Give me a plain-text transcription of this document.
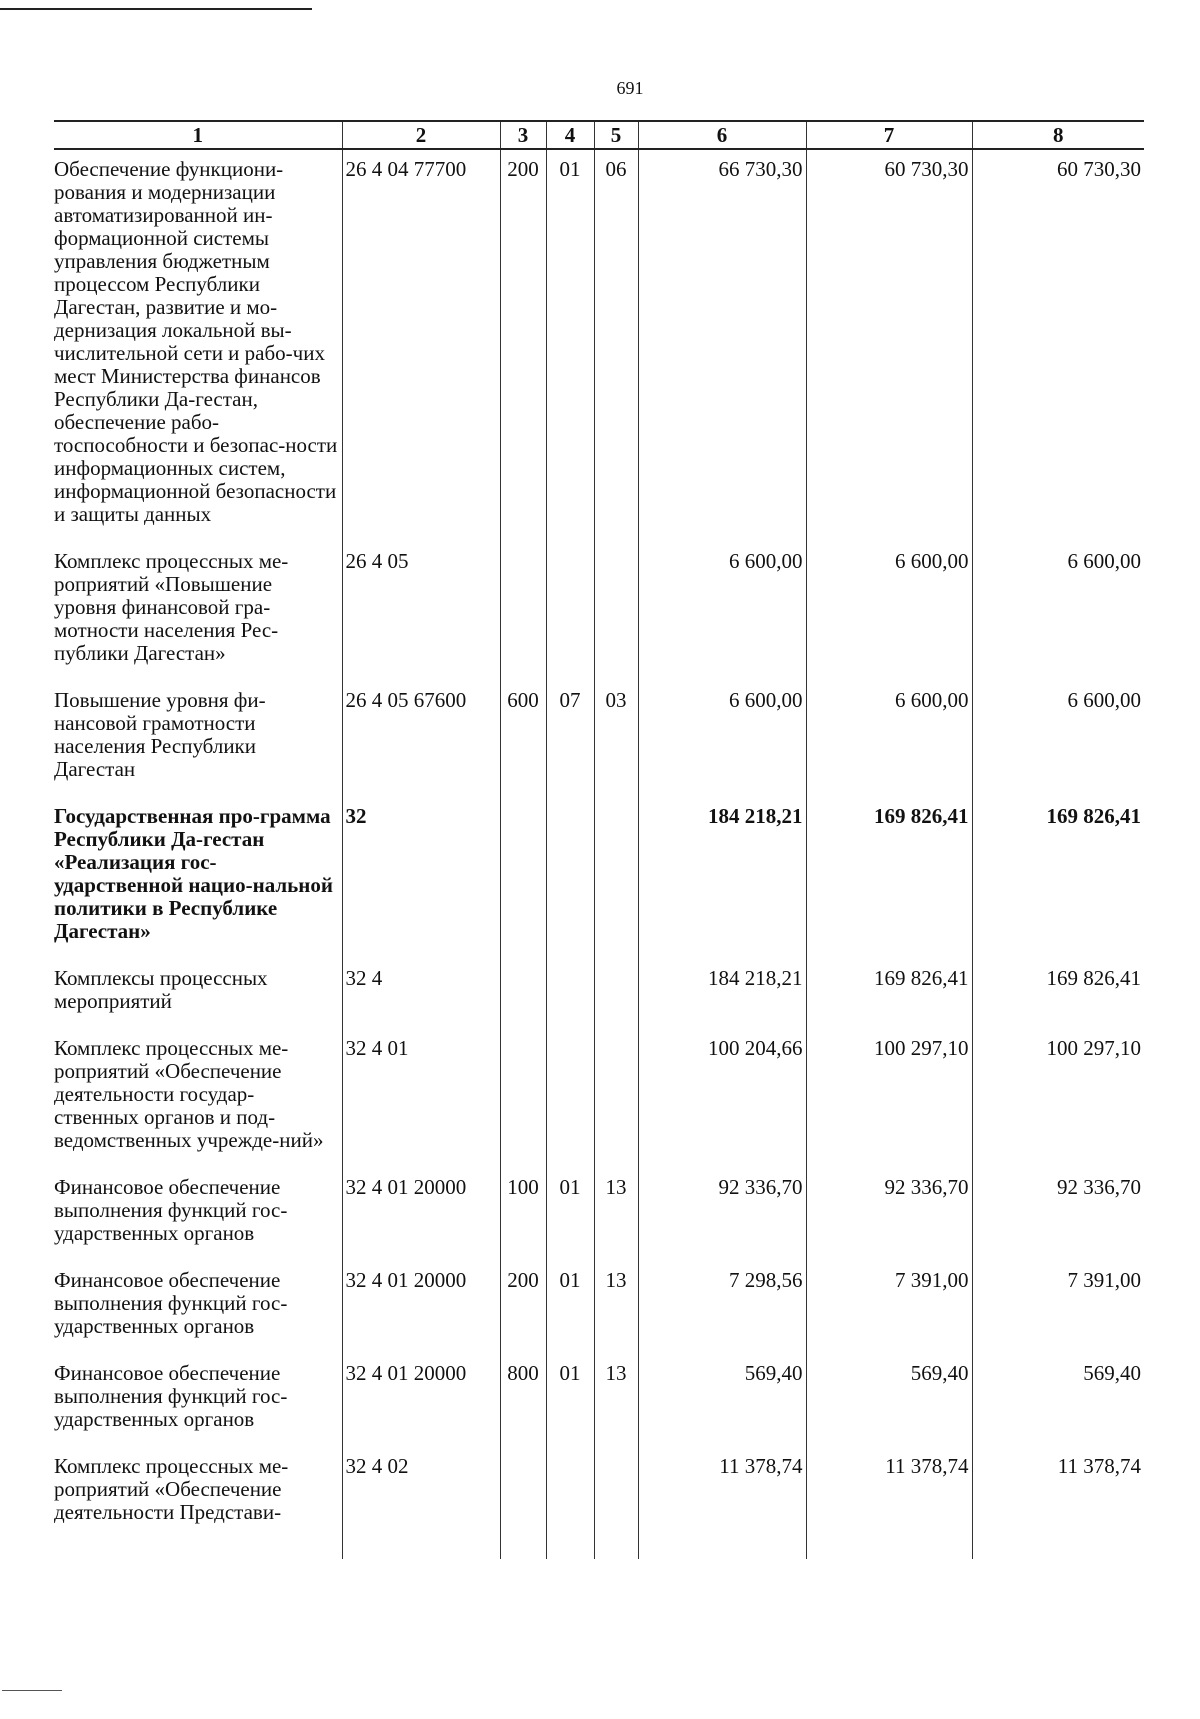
691
1	2	3	4	5	6	7	8
Обеспечение функциони-рования и модернизации автоматизированной ин-формационной системы управления бюджетным процессом Республики Дагестан, развитие и мо-дернизация локальной вы-числительной сети и рабо-чих мест Министерства финансов Республики Да-гестан, обеспечение рабо-тоспособности и безопас-ности информационных систем, информационной безопасности и защиты данных	26 4 04 77700	200	01	06	66 730,30	60 730,30	60 730,30
Комплекс процессных ме-роприятий «Повышение уровня финансовой гра-мотности населения Рес-публики Дагестан»	26 4 05				6 600,00	6 600,00	6 600,00
Повышение уровня фи-нансовой грамотности населения Республики Дагестан	26 4 05 67600	600	07	03	6 600,00	6 600,00	6 600,00
Государственная про-грамма Республики Да-гестан «Реализация гос-ударственной нацио-нальной политики в Республике Дагестан»	32				184 218,21	169 826,41	169 826,41
Комплексы процессных мероприятий	32 4				184 218,21	169 826,41	169 826,41
Комплекс процессных ме-роприятий «Обеспечение деятельности государ-ственных органов и под-ведомственных учрежде-ний»	32 4 01				100 204,66	100 297,10	100 297,10
Финансовое обеспечение выполнения функций гос-ударственных органов	32 4 01 20000	100	01	13	92 336,70	92 336,70	92 336,70
Финансовое обеспечение выполнения функций гос-ударственных органов	32 4 01 20000	200	01	13	7 298,56	7 391,00	7 391,00
Финансовое обеспечение выполнения функций гос-ударственных органов	32 4 01 20000	800	01	13	569,40	569,40	569,40
Комплекс процессных ме-роприятий «Обеспечение деятельности Представи-	32 4 02				11 378,74	11 378,74	11 378,74
